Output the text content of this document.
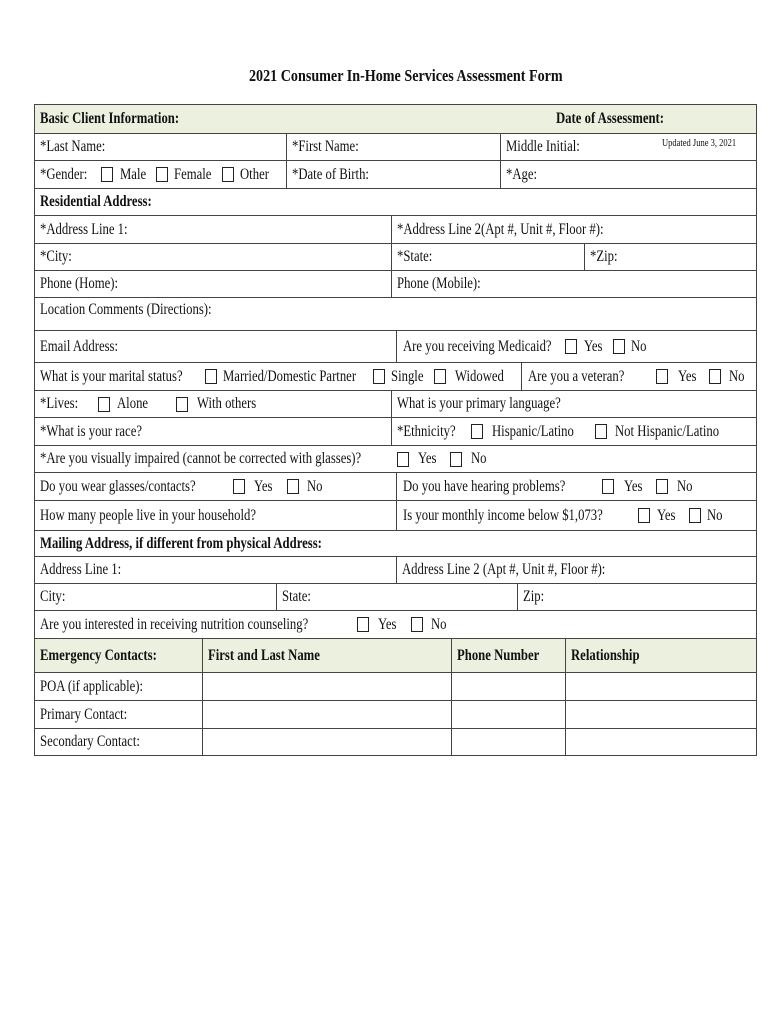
2021 Consumer In-Home Services Assessment Form
Updated June 3, 2021
Basic Client Information:	Date of Assessment:
*Last Name:	*First Name:	Middle Initial:
*Gender: Male Female Other *Date of Birth:	*Age:
Residential Address:
*Address Line 1:	*Address Line 2(Apt #, Unit #, Floor #):
*City:	*State:	*Zip:
Phone (Home):	Phone (Mobile):
Location Comments (Directions):
Email Address:	Are you receiving Medicaid? Yes No
What is your marital status?	Married/Domestic Partner Single Widowed Are you a veteran?	Yes No
*Lives:	Alone	With others	What is your primary language?
*What is your race?	*Ethnicity? Hispanic/Latino	Not Hispanic/Latino
*Are you visually impaired (cannot be corrected with glasses)?	Yes No
Do you wear glasses/contacts?	Yes No	Do you have hearing problems?	Yes No
How many people live in your household?	Is your monthly income below $1,073?	Yes No
Mailing Address, if different from physical Address:
Address Line 1:	Address Line 2 (Apt #, Unit #, Floor #):
City:	State:	Zip:
Are you interested in receiving nutrition counseling?	Yes No
Emergency Contacts:	First and Last Name	Phone Number Relationship
POA (if applicable):
Primary Contact:
Secondary Contact:
